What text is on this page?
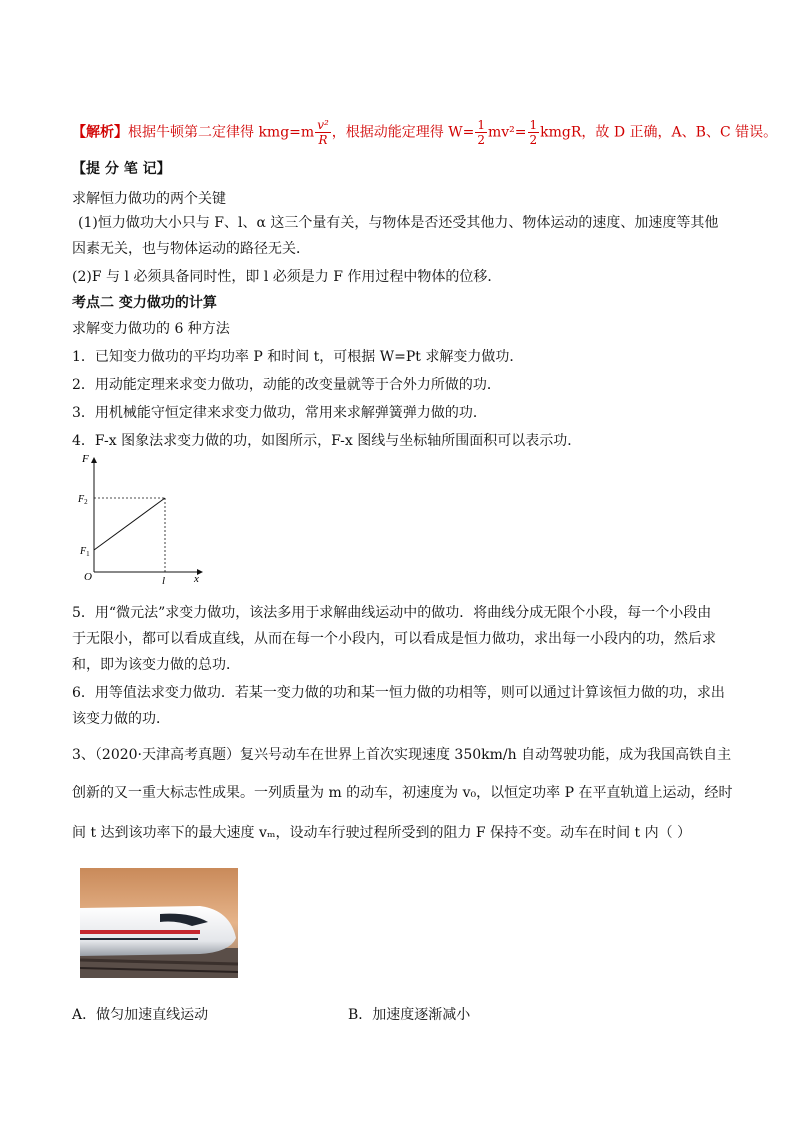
【解析】根据牛顿第二定律得 $kmg=m \frac{\text{v²}}{R}$ ，根据动能定理得 $W= \frac{1}{2} mv^2= \frac{1}{2}$ kmgR，故 D 正确，A、B、C 错误。
【提 分 笔 记】
求解恒力做功的两个关键
(1)恒力做功大小只与 F、l、α 这三个量有关，与物体是否还受其他力、物体运动的速度、加速度等其他
因素无关，也与物体运动的路径无关．
(2)F 与 l 必须具备同时性，即 l 必须是力 F 作用过程中物体的位移．
考点二 变力做功的计算
求解变力做功的 6 种方法
1．已知变力做功的平均功率 P 和时间 t，可根据 W=Pt 求解变力做功．
2．用动能定理来求变力做功，动能的改变量就等于合外力所做的功．
3．用机械能守恒定律来求变力做功，常用来求解弹簧弹力做的功．
4．F-x 图象法求变力做的功，如图所示，F-x 图线与坐标轴所围面积可以表示功．
F
x
O
$F_1$
$F_2$
l
5．用“微元法”求变力做功，该法多用于求解曲线运动中的做功．将曲线分成无限个小段，每一个小段由
于无限小，都可以看成直线，从而在每一个小段内，可以看成是恒力做功，求出每一小段内的功，然后求
和，即为该变力做的总功．
6．用等值法求变力做功．若某一变力做的功和某一恒力做的功相等，则可以通过计算该恒力做的功，求出
该变力做的功．
3、（2020·天津高考真题）复兴号动车在世界上首次实现速度 350km/h 自动驾驶功能，成为我国高铁自主
创新的又一重大标志性成果。一列质量为 m 的动车，初速度为 v₀，以恒定功率 P 在平直轨道上运动，经时
间 t 达到该功率下的最大速度 vₘ，设动车行驶过程所受到的阻力 F 保持不变。动车在时间 t 内（ ）
A．做匀加速直线运动	B．加速度逐渐减小
